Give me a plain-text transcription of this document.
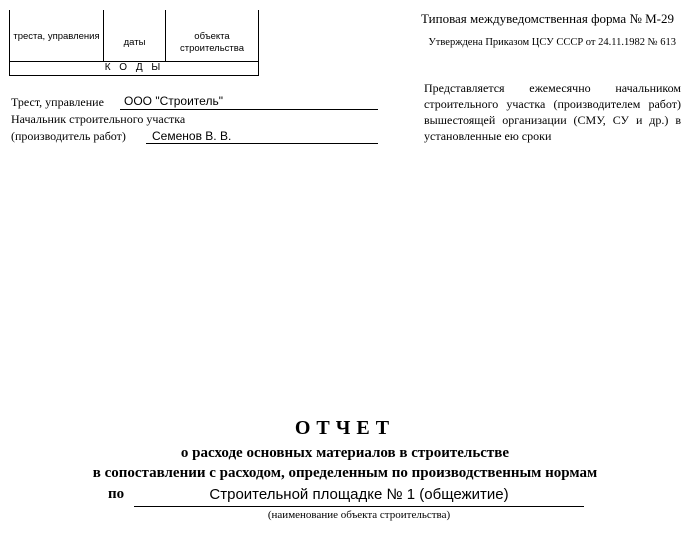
треста, управления
даты
объекта строительства
К О Д Ы
Типовая междуведомственная форма № М-29
Утверждена Приказом ЦСУ СССР от 24.11.1982 № 613
Представляется ежемесячно начальником строительного участка (производителем работ) вышестоящей организации (СМУ, СУ и др.) в установленные ею сроки
Трест, управление ООО "Строитель"
Начальник строительного участка
(производитель работ) Семенов В. В.
ОТЧЕТ
о расходе основных материалов в строительстве
в сопоставлении с расходом, определенным по производственным нормам
по	Строительной площадке № 1 (общежитие)
(наименование объекта строительства)
